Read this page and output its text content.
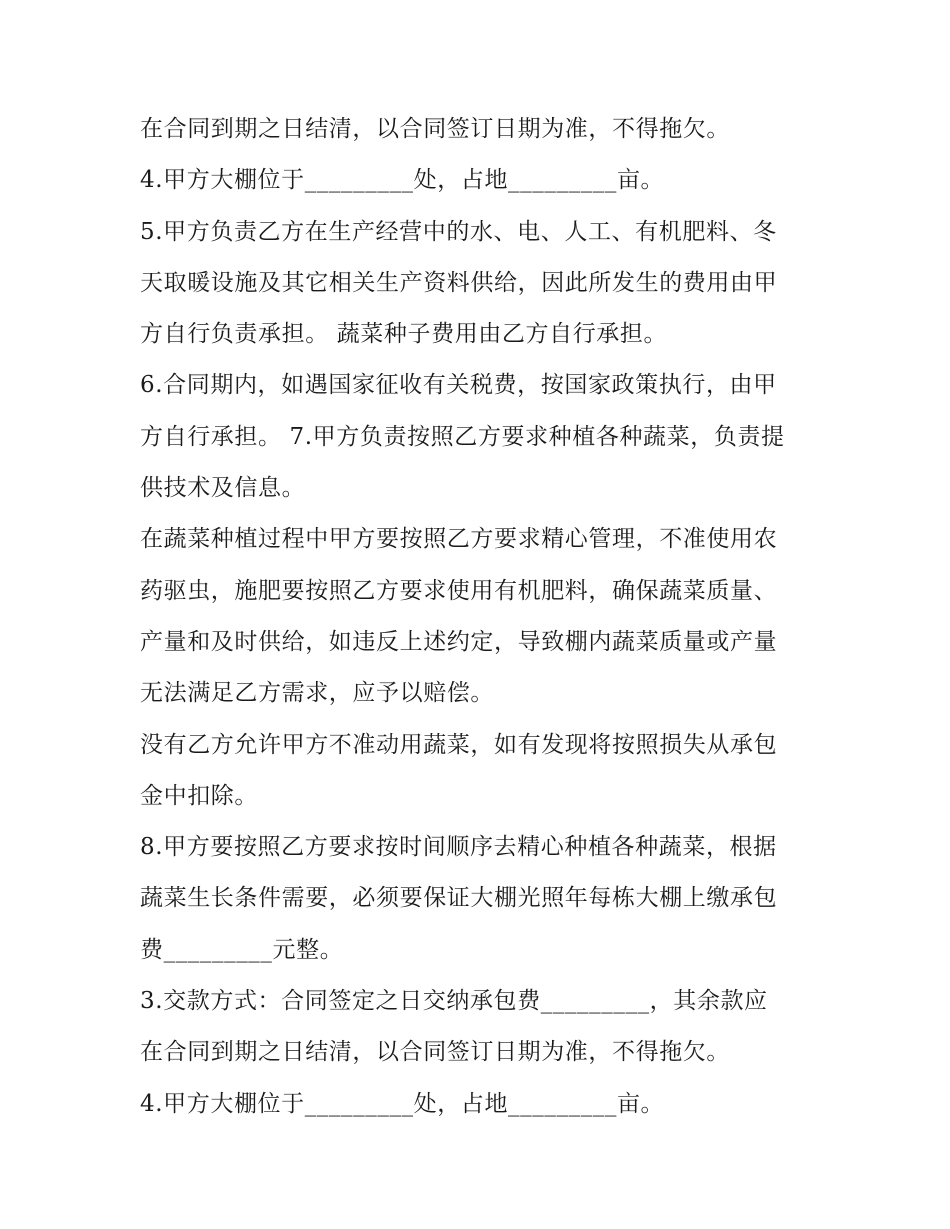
在合同到期之日结清，以合同签订日期为准，不得拖欠。
4.甲方大棚位于_________处，占地_________亩。
5.甲方负责乙方在生产经营中的水、电、人工、有机肥料、冬
天取暖设施及其它相关生产资料供给，因此所发生的费用由甲
方自行负责承担。 蔬菜种子费用由乙方自行承担。
6.合同期内，如遇国家征收有关税费，按国家政策执行，由甲
方自行承担。 7.甲方负责按照乙方要求种植各种蔬菜，负责提
供技术及信息。
在蔬菜种植过程中甲方要按照乙方要求精心管理，不准使用农
药驱虫，施肥要按照乙方要求使用有机肥料，确保蔬菜质量、
产量和及时供给，如违反上述约定，导致棚内蔬菜质量或产量
无法满足乙方需求，应予以赔偿。
没有乙方允许甲方不准动用蔬菜，如有发现将按照损失从承包
金中扣除。
8.甲方要按照乙方要求按时间顺序去精心种植各种蔬菜，根据
蔬菜生长条件需要，必须要保证大棚光照年每栋大棚上缴承包
费_________元整。
3.交款方式：合同签定之日交纳承包费_________，其余款应
在合同到期之日结清，以合同签订日期为准，不得拖欠。
4.甲方大棚位于_________处，占地_________亩。
